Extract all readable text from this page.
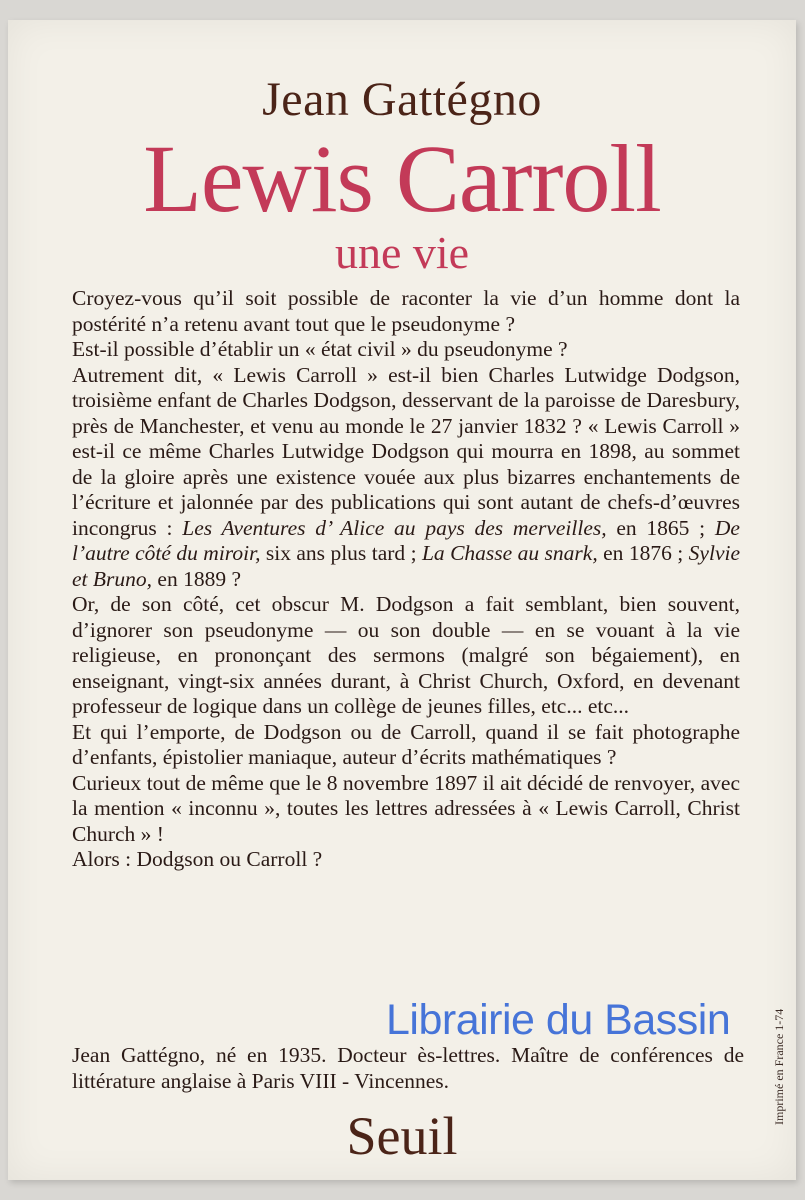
Jean Gattégno
Lewis Carroll
une vie

Croyez-vous qu’il soit possible de raconter la vie d’un homme dont la postérité n’a retenu avant tout que le pseudonyme ?

Est-il possible d’établir un « état civil » du pseudonyme ?

Autrement dit, « Lewis Carroll » est-il bien Charles Lutwidge Dodgson, troisième enfant de Charles Dodgson, desservant de la paroisse de Daresbury, près de Manchester, et venu au monde le 27 janvier 1832 ? « Lewis Carroll » est-il ce même Charles Lutwidge Dodgson qui mourra en 1898, au sommet de la gloire après une existence vouée aux plus bizarres enchantements de l’écriture et jalonnée par des publications qui sont autant de chefs-d’œuvres incongrus : Les Aventures d’ Alice au pays des merveilles, en 1865 ; De l’autre côté du miroir, six ans plus tard ; La Chasse au snark, en 1876 ; Sylvie et Bruno, en 1889 ?

Or, de son côté, cet obscur M. Dodgson a fait semblant, bien souvent, d’ignorer son pseudonyme — ou son double — en se vouant à la vie religieuse, en prononçant des sermons (malgré son bégaiement), en enseignant, vingt-six années durant, à Christ Church, Oxford, en devenant professeur de logique dans un collège de jeunes filles, etc... etc...

Et qui l’emporte, de Dodgson ou de Carroll, quand il se fait photographe d’enfants, épistolier maniaque, auteur d’écrits mathématiques ?

Curieux tout de même que le 8 novembre 1897 il ait décidé de renvoyer, avec la mention « inconnu », toutes les lettres adressées à « Lewis Carroll, Christ Church » !

Alors : Dodgson ou Carroll ?

Jean Gattégno, né en 1935. Docteur ès-lettres. Maître de conférences de littérature anglaise à Paris VIII - Vincennes.
Seuil
Imprimé en France 1-74
Librairie du Bassin
